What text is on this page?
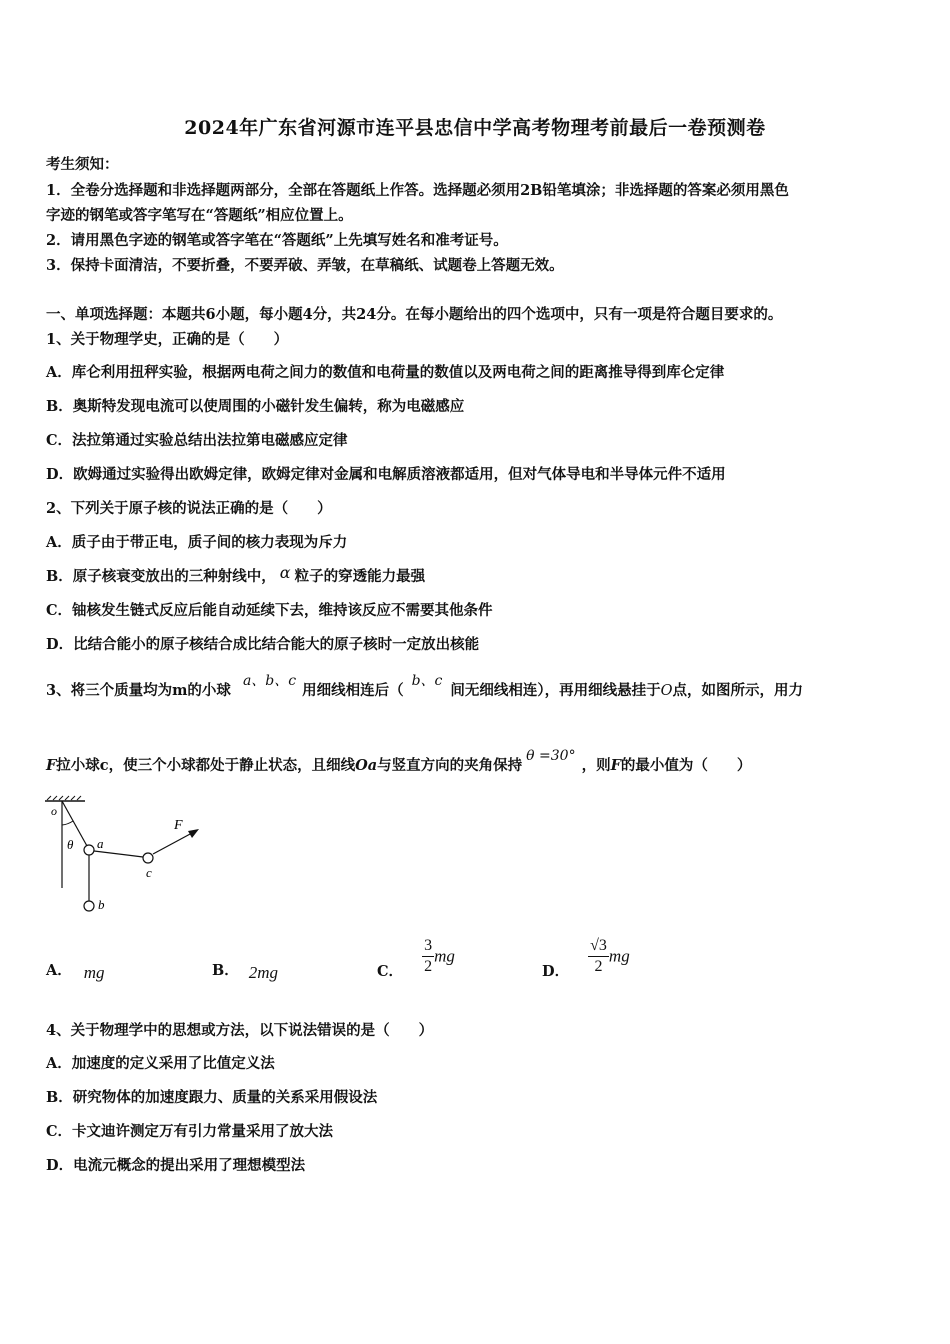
2024年广东省河源市连平县忠信中学高考物理考前最后一卷预测卷
考生须知：
1．全卷分选择题和非选择题两部分，全部在答题纸上作答。选择题必须用2B铅笔填涂；非选择题的答案必须用黑色
字迹的钢笔或答字笔写在“答题纸”相应位置上。
2．请用黑色字迹的钢笔或答字笔在“答题纸”上先填写姓名和准考证号。
3．保持卡面清洁，不要折叠，不要弄破、弄皱，在草稿纸、试题卷上答题无效。
一、单项选择题：本题共6小题，每小题4分，共24分。在每小题给出的四个选项中，只有一项是符合题目要求的。
1、关于物理学史，正确的是（　　）
A．库仑利用扭秤实验，根据两电荷之间力的数值和电荷量的数值以及两电荷之间的距离推导得到库仑定律
B．奥斯特发现电流可以使周围的小磁针发生偏转，称为电磁感应
C．法拉第通过实验总结出法拉第电磁感应定律
D．欧姆通过实验得出欧姆定律，欧姆定律对金属和电解质溶液都适用，但对气体导电和半导体元件不适用
2、下列关于原子核的说法正确的是（　　）
A．质子由于带正电，质子间的核力表现为斥力
B．原子核衰变放出的三种射线中， α 粒子的穿透能力最强
C．铀核发生链式反应后能自动延续下去，维持该反应不需要其他条件
D．比结合能小的原子核结合成比结合能大的原子核时一定放出核能
3、将三个质量均为m的小球a、b、c用细线相连后（b、c间无细线相连），再用细线悬挂于O点，如图所示，用力
F拉小球c，使三个小球都处于静止状态，且细线Oa与竖直方向的夹角保持θ =30°，则F的最小值为（　　）
o
θ a
b
c
F
A． mg	B． 2mg	C． $\frac{3}{2}$ mg
D． $\frac{√3}{2}$ mg
4、关于物理学中的思想或方法，以下说法错误的是（　　）
A．加速度的定义采用了比值定义法
B．研究物体的加速度跟力、质量的关系采用假设法
C．卡文迪许测定万有引力常量采用了放大法
D．电流元概念的提出采用了理想模型法
